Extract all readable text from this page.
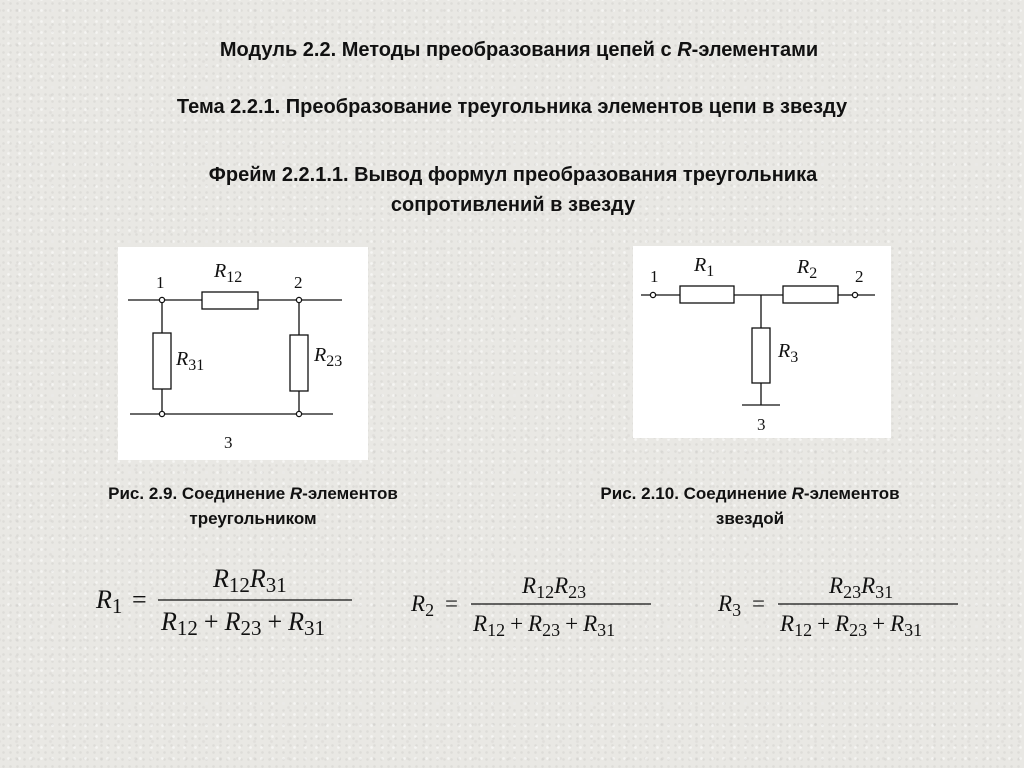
Модуль 2.2. Методы преобразования цепей с R-элементами
Тема 2.2.1. Преобразование треугольника элементов цепи в звезду
Фрейм 2.2.1.1. Вывод формул преобразования треугольника
сопротивлений в звезду
1	2
3
$R_{12}$
$R_{31}$	$R_{23}$
1	2
3
$R_1$	$R_2$
$R_3$
Рис. 2.9. Соединение R-элементов
треугольником
Рис. 2.10. Соединение R-элементов
звездой
R1 =
R12R31
R12 + R23 + R31
$R_2$ =
$R_{12}R_{23}$
$R_{12} + R_{23} + R_{31}$
$R_3$ =
$R_{23}R_{31}$
$R_{12} + R_{23} + R_{31}$
